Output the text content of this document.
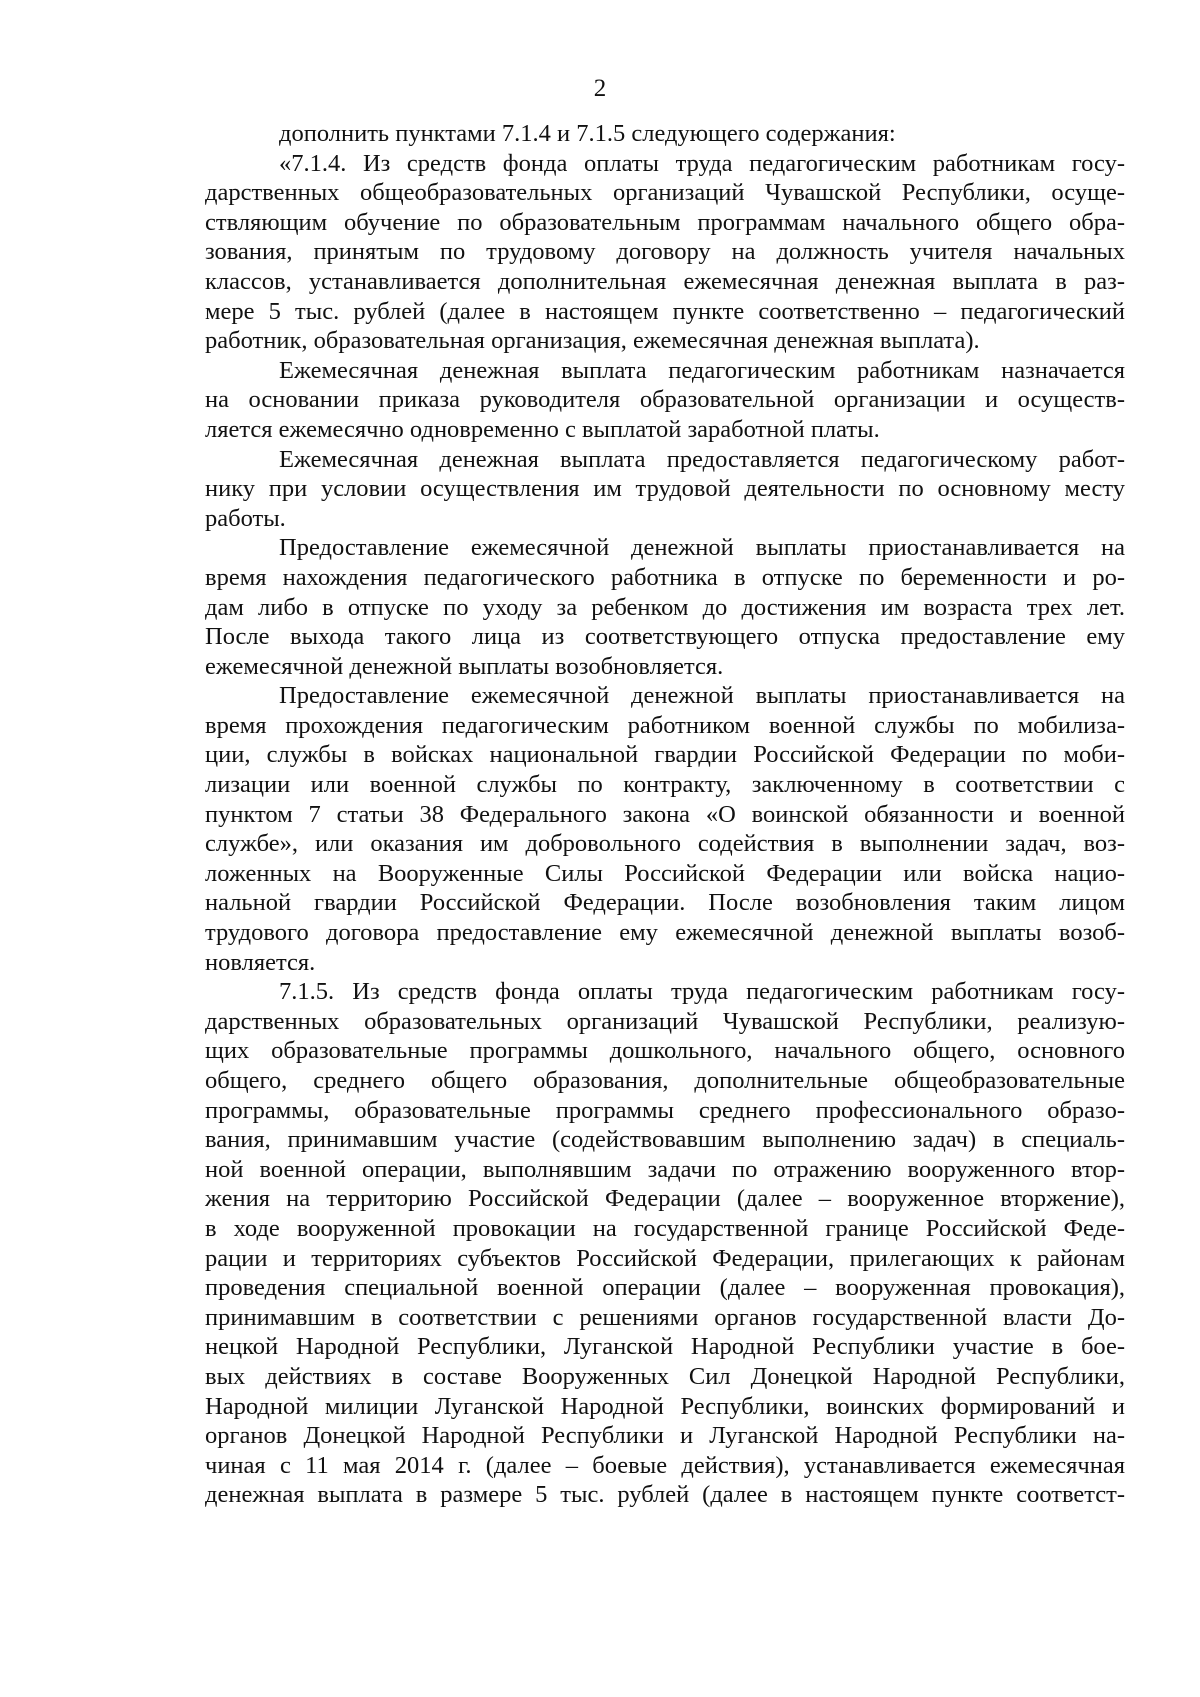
2
дополнить пунктами 7.1.4 и 7.1.5 следующего содержания:
«7.1.4. Из средств фонда оплаты труда педагогическим работникам госу-
дарственных общеобразовательных организаций Чувашской Республики, осуще-
ствляющим обучение по образовательным программам начального общего обра-
зования, принятым по трудовому договору на должность учителя начальных
классов, устанавливается дополнительная ежемесячная денежная выплата в раз-
мере 5 тыс. рублей (далее в настоящем пункте соответственно – педагогический
работник, образовательная организация, ежемесячная денежная выплата).
Ежемесячная денежная выплата педагогическим работникам назначается
на основании приказа руководителя образовательной организации и осуществ-
ляется ежемесячно одновременно с выплатой заработной платы.
Ежемесячная денежная выплата предоставляется педагогическому работ-
нику при условии осуществления им трудовой деятельности по основному месту
работы.
Предоставление ежемесячной денежной выплаты приостанавливается на
время нахождения педагогического работника в отпуске по беременности и ро-
дам либо в отпуске по уходу за ребенком до достижения им возраста трех лет.
После выхода такого лица из соответствующего отпуска предоставление ему
ежемесячной денежной выплаты возобновляется.
Предоставление ежемесячной денежной выплаты приостанавливается на
время прохождения педагогическим работником военной службы по мобилиза-
ции, службы в войсках национальной гвардии Российской Федерации по моби-
лизации или военной службы по контракту, заключенному в соответствии с
пунктом 7 статьи 38 Федерального закона «О воинской обязанности и военной
службе», или оказания им добровольного содействия в выполнении задач, воз-
ложенных на Вооруженные Силы Российской Федерации или войска нацио-
нальной гвардии Российской Федерации. После возобновления таким лицом
трудового договора предоставление ему ежемесячной денежной выплаты возоб-
новляется.
7.1.5. Из средств фонда оплаты труда педагогическим работникам госу-
дарственных образовательных организаций Чувашской Республики, реализую-
щих образовательные программы дошкольного, начального общего, основного
общего, среднего общего образования, дополнительные общеобразовательные
программы, образовательные программы среднего профессионального образо-
вания, принимавшим участие (содействовавшим выполнению задач) в специаль-
ной военной операции, выполнявшим задачи по отражению вооруженного втор-
жения на территорию Российской Федерации (далее – вооруженное вторжение),
в ходе вооруженной провокации на государственной границе Российской Феде-
рации и территориях субъектов Российской Федерации, прилегающих к районам
проведения специальной военной операции (далее – вооруженная провокация),
принимавшим в соответствии с решениями органов государственной власти До-
нецкой Народной Республики, Луганской Народной Республики участие в бое-
вых действиях в составе Вооруженных Сил Донецкой Народной Республики,
Народной милиции Луганской Народной Республики, воинских формирований и
органов Донецкой Народной Республики и Луганской Народной Республики на-
чиная с 11 мая 2014 г. (далее – боевые действия), устанавливается ежемесячная
денежная выплата в размере 5 тыс. рублей (далее в настоящем пункте соответст-
